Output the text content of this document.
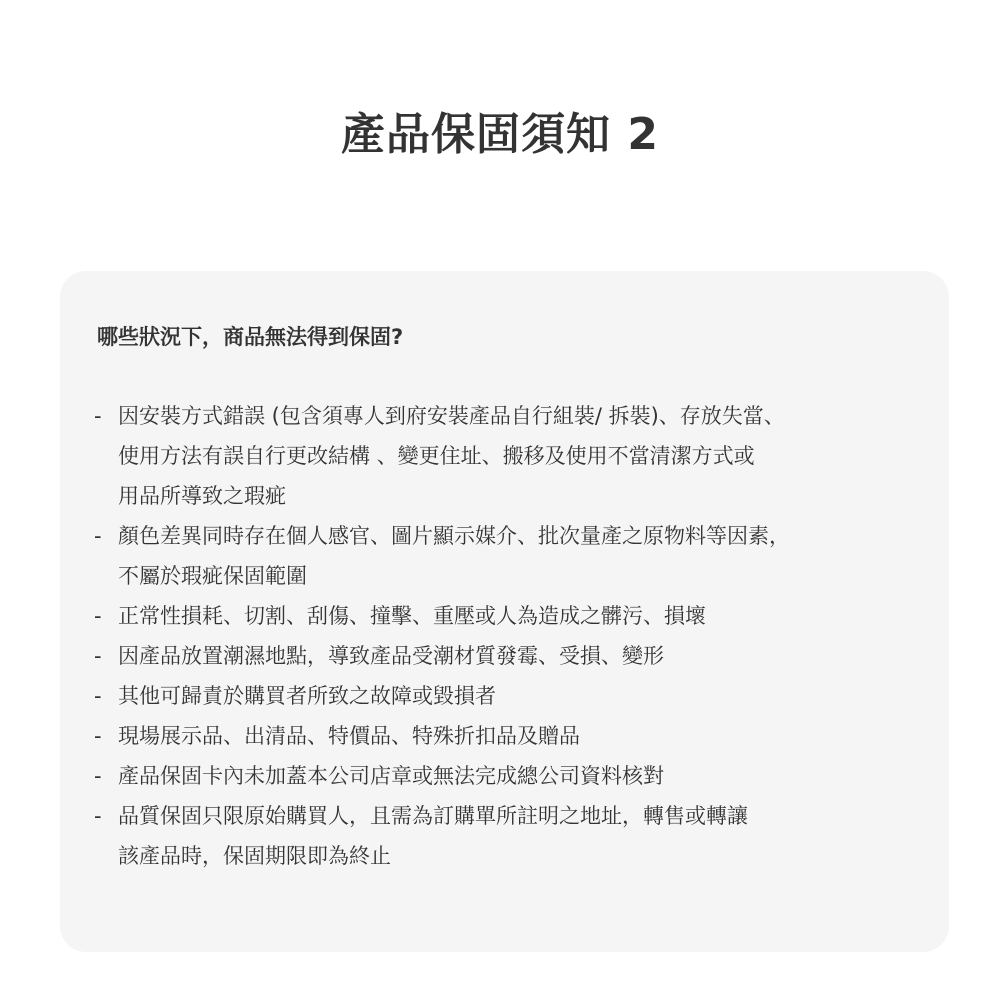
產品保固須知 2
哪些狀況下，商品無法得到保固?
- 因安裝方式錯誤 (包含須專人到府安裝產品自行組裝/ 拆裝)、存放失當、
使用方法有誤自行更改結構 、變更住址、搬移及使用不當清潔方式或
用品所導致之瑕疵
- 顏色差異同時存在個人感官、圖片顯示媒介、批次量產之原物料等因素，
不屬於瑕疵保固範圍
- 正常性損耗、切割、刮傷、撞擊、重壓或人為造成之髒污、損壞
- 因產品放置潮濕地點，導致產品受潮材質發霉、受損、變形
- 其他可歸責於購買者所致之故障或毀損者
- 現場展示品、出清品、特價品、特殊折扣品及贈品
- 產品保固卡內未加蓋本公司店章或無法完成總公司資料核對
- 品質保固只限原始購買人，且需為訂購單所註明之地址，轉售或轉讓
該產品時，保固期限即為終止
